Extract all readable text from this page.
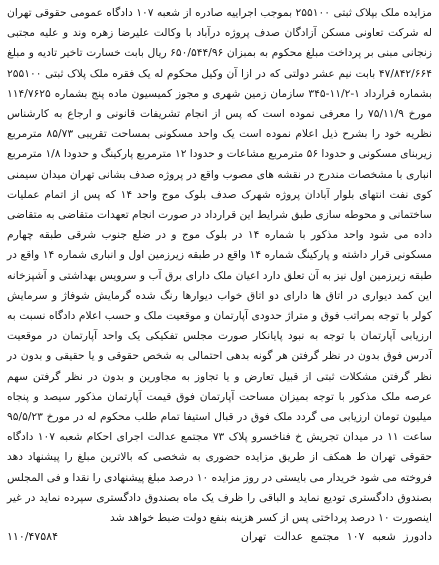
مزایده ملک بپلاک ثبتی ۲۵۵۱۰۰ بموجب اجراییه صادره از شعبه ۱۰۷ دادگاه عمومی حقوقی تهران له شرکت تعاونی مسکن آزادگان صدف پروژه درآباد با وکالت علیرضا زهره وند و علیه مجتبی زنجانی مبنی بر پرداخت مبلغ محکوم به بمبزان ۶۵۰/۵۴۴/۹۶ ریال بابت خسارت تاخیر تادیه و مبلغ ۴۷/۸۴۲/۶۶۴ بابت نیم عشر دولتی که در ازا آن وکیل محکوم له یک فقره ملک پلاک ثبتی ۲۵۵۱۰۰ بشماره قرارداد ۱-۱۱/۲-۳۴۵ سازمان زمین شهری و مجوز کمیسیون ماده پنج بشماره ۱۱۴/۷۶۲۵ مورخ ۷۵/۱۱/۹ را معرفی نموده است که پس از انجام تشریفات قانونی و ارجاع به کارشناس نظریه خود را بشرح ذیل اعلام نموده است یک واحد مسکونی بمساحت تقریبی ۸۵/۷۳ مترمربع زیربنای مسکونی و حدودا ۵۶ مترمربع مشاعات و حدودا ۱۲ مترمربع پارکینگ و حدودا ۱/۸ مترمربع انباری با مشخصات مندرج در نقشه های مصوب واقع در پروژه صدف بشانی تهران میدان سیمنی کوی نفت انتهای بلوار آبادان پروژه شهرک صدف بلوک موج واحد ۱۴ که پس از اتمام عملیات ساختمانی و محوطه سازی طبق شرایط این قرارداد در صورت انجام تعهدات متقاضی به متقاضی داده می شود واحد مذکور با شماره ۱۴ در بلوک موج و در ضلع جنوب شرقی طبقه چهارم مسکونی قرار داشته و پارکینگ شماره ۱۴ واقع در طبقه زیرزمین اول و انباری شماره ۱۴ واقع در طبقه زیرزمین اول نیز به آن تعلق دارد اعیان ملک دارای برق آب و سرویس بهداشتی و آشپزخانه این کمد دیواری در اتاق ها دارای دو اتاق خواب دیوارها رنگ شده گرمایش شوفاژ و سرمایش کولر با توجه بمراتب فوق و متراژ حدودی آپارتمان و موقعیت ملک و حسب اعلام دادگاه نسبت به ارزیابی آپارتمان با توجه به نبود پایانکار صورت مجلس تفکیکی یک واحد آپارتمان در موقعیت آدرس فوق بدون در نظر گرفتن هر گونه بدهی احتمالی به شخص حقوقی و یا حقیقی و بدون در نظر گرفتن مشکلات ثبتی از قبیل تعارض و یا تجاوز به مجاورین و بدون در نظر گرفتن سهم عرصه ملک مذکور با توجه بمیزان مساحت آپارتمان فوق قیمت آپارتمان مذکور سیصد و پنجاه میلیون تومان ارزیابی می گردد ملک فوق در قبال استیفا تمام طلب محکوم له در مورخ ۹۵/۵/۲۳ ساعت ۱۱ در میدان تجریش خ فناخسرو پلاک ۷۳ مجتمع عدالت اجرای احکام شعبه ۱۰۷ دادگاه حقوقی تهران ط همکف از طریق مزایده حضوری به شخصی که بالاترین مبلغ را پیشنهاد دهد فروخته می شود خریدار می بایستی در روز مزایده ۱۰ درصد مبلغ پیشنهادی را نقدا و فی المجلس بصندوق دادگستری تودیع نماید و الباقی را ظرف یک ماه بصندوق دادگستری سپرده نماید در غیر اینصورت ۱۰ درصد پرداختی پس از کسر هزینه بنفع دولت ضبط خواهد شد

دادورز شعبه ۱۰۷ مجتمع عدالت تهران
۱۱۰/۴۷۵۸۴
